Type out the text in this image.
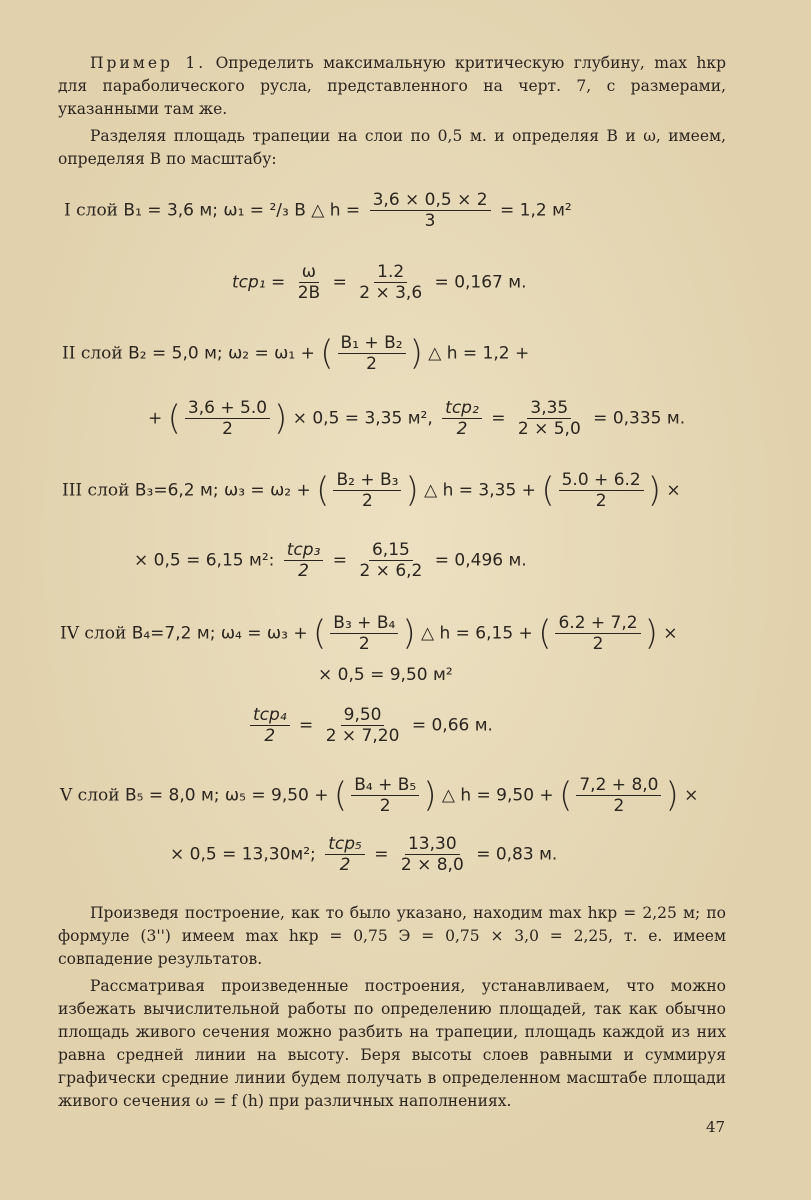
Пример 1. Определить максимальную критическую глубину, max hкр для параболического русла, представленного на черт. 7, с размерами, указанными там же.
Разделяя площадь трапеции на слои по 0,5 м. и определяя B и ω, имеем, определяя B по масштабу:
I слой B₁ = 3,6 м; ω₁ = ²/₃ B △ $h = \frac{3,6 \times 0,5 \times 2}{3} = 1,2$ м²
$tср_1 = \frac{\omega}{2B} = \frac{1.2}{2 \times 3,6} = 0,167$ м.
II слой B₂ = 5,0 м; ω₂ = ω₁ + ( $\frac{\text{B₁ + B₂}}{2}$ ) △ h = 1,2 +
+ ( $\frac{3,6 + 5.0}{2}$ ) × 0,5 = 3,35 м², $\frac{\text{tср₂}}{2} = \frac{3,35}{2 \times 5,0} = 0,335$ м.
III слой B₃=6,2 м; ω₃ = ω₂ + ( $\frac{\text{B₂ + B₃}}{2}$ ) △ h = 3,35 + ( $\frac{5.0 + 6.2}{2}$ ) ×
× 0,5 = 6,15 м²: $\frac{\text{tср₃}}{2} = \frac{6,15}{2 \times 6,2} = 0,496$ м.
IV слой B₄=7,2 м; ω₄ = ω₃ + ( $\frac{\text{B₃ + B₄}}{2}$ ) △ h = 6,15 + ( $\frac{6.2 + 7,2}{2}$ ) ×
× 0,5 = 9,50 м²
$\frac{\text{tср₄}}{2} = \frac{9,50}{2 \times 7,20} = 0,66$ м.
V слой B₅ = 8,0 м; ω₅ = 9,50 + ( $\frac{\text{B₄ + B₅}}{2}$ ) △ h = 9,50 + ( $\frac{7,2 + 8,0}{2}$ ) ×
× 0,5 = 13,30м²; $\frac{\text{tср₅}}{2} = \frac{13,30}{2 \times 8,0} = 0,83$ м.
Произведя построение, как то было указано, находим max hкр = 2,25 м; по формуле (3'') имеем max hкр = 0,75 Э = 0,75 × 3,0 = 2,25, т. е. имеем совпадение результатов.
Рассматривая произведенные построения, устанавливаем, что можно избежать вычислительной работы по определению площадей, так как обычно площадь живого сечения можно разбить на трапеции, площадь каждой из них равна средней линии на высоту. Беря высоты слоев равными и суммируя графически средние линии будем получать в определенном масштабе площади живого сечения ω = f (h) при различных наполнениях.
47
